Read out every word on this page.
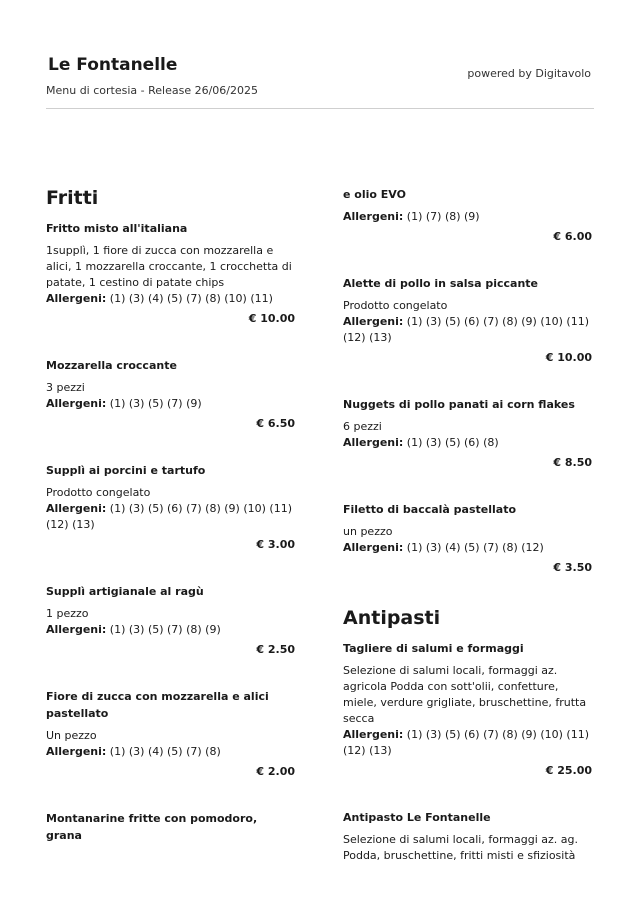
Le Fontanelle
Menu di cortesia - Release 26/06/2025
powered by Digitavolo
Fritti
Fritto misto all'italiana

1supplì, 1 fiore di zucca con mozzarella e alici, 1 mozzarella croccante, 1 crocchetta di patate, 1 cestino di patate chips

Allergeni: (1) (3) (4) (5) (7) (8) (10) (11)

€ 10.00
Mozzarella croccante

3 pezzi

Allergeni: (1) (3) (5) (7) (9)

€ 6.50
Supplì ai porcini e tartufo

Prodotto congelato

Allergeni: (1) (3) (5) (6) (7) (8) (9) (10) (11) (12) (13)

€ 3.00
Supplì artigianale al ragù

1 pezzo

Allergeni: (1) (3) (5) (7) (8) (9)

€ 2.50
Fiore di zucca con mozzarella e alici pastellato

Un pezzo

Allergeni: (1) (3) (4) (5) (7) (8)

€ 2.00
Montanarine fritte con pomodoro, grana
e olio EVO

Allergeni: (1) (7) (8) (9)

€ 6.00
Alette di pollo in salsa piccante

Prodotto congelato

Allergeni: (1) (3) (5) (6) (7) (8) (9) (10) (11) (12) (13)

€ 10.00
Nuggets di pollo panati ai corn flakes

6 pezzi

Allergeni: (1) (3) (5) (6) (8)

€ 8.50
Filetto di baccalà pastellato

un pezzo

Allergeni: (1) (3) (4) (5) (7) (8) (12)

€ 3.50
Antipasti
Tagliere di salumi e formaggi

Selezione di salumi locali, formaggi az. agricola Podda con sott'olii, confetture, miele, verdure grigliate, bruschettine, frutta secca

Allergeni: (1) (3) (5) (6) (7) (8) (9) (10) (11) (12) (13)

€ 25.00
Antipasto Le Fontanelle

Selezione di salumi locali, formaggi az. ag. Podda, bruschettine, fritti misti e sfiziosità
